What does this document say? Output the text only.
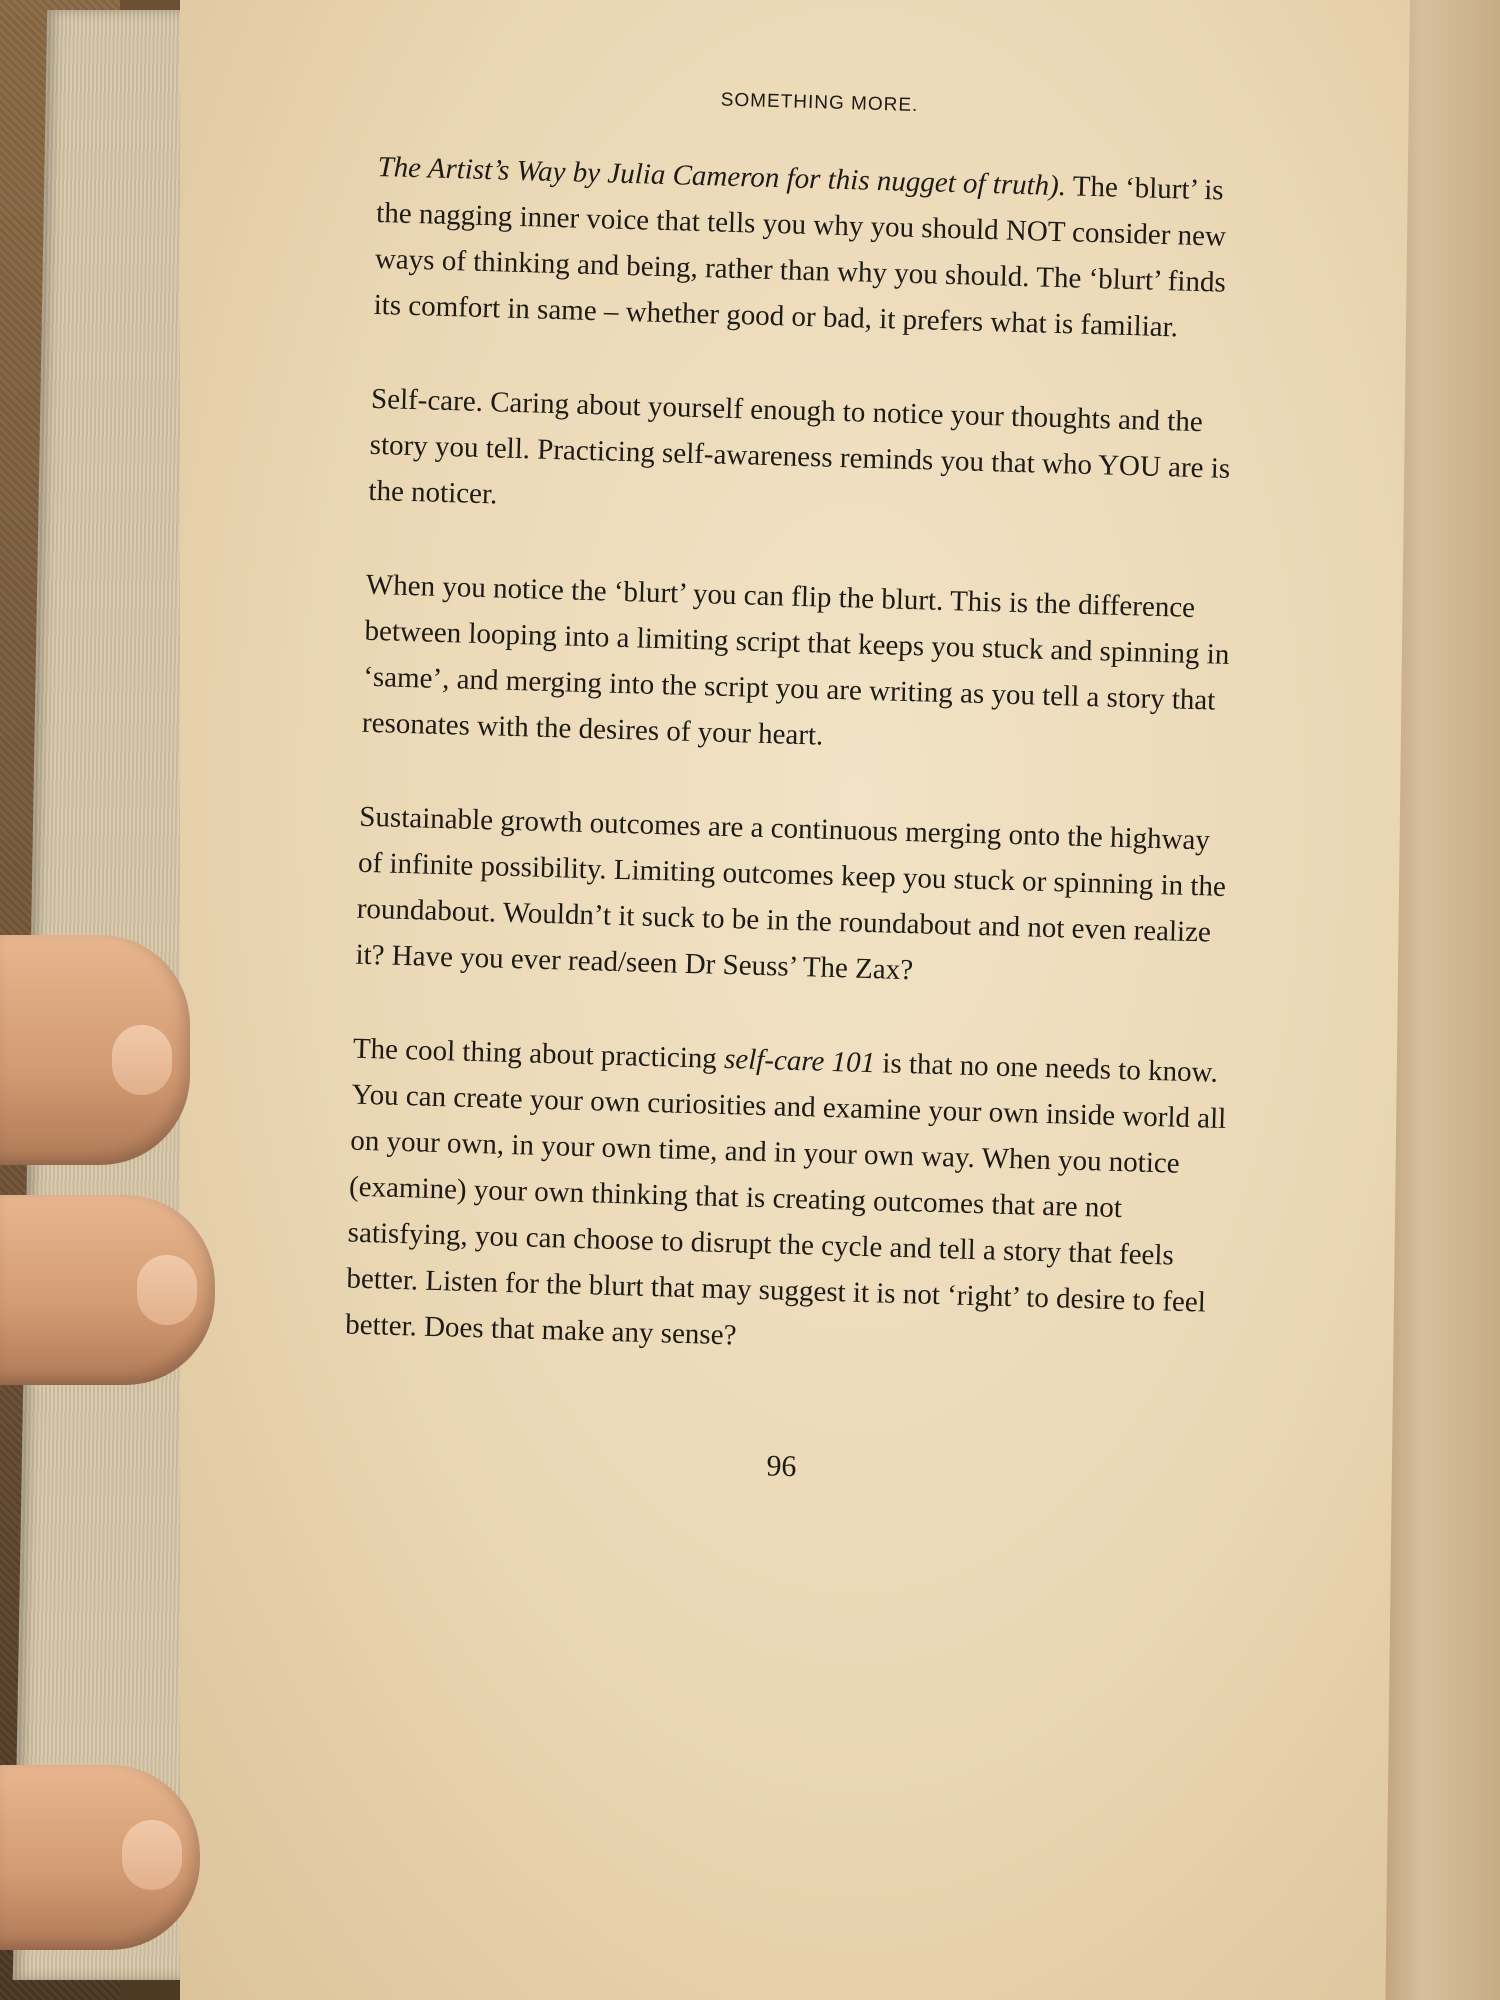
SOMETHING MORE.

The Artist’s Way by Julia Cameron for this nugget of truth). The ‘blurt’ is the nagging inner voice that tells you why you should NOT consider new ways of thinking and being, rather than why you should. The ‘blurt’ finds its comfort in same – whether good or bad, it prefers what is familiar.

Self-care. Caring about yourself enough to notice your thoughts and the story you tell. Practicing self-awareness reminds you that who YOU are is the noticer.

When you notice the ‘blurt’ you can flip the blurt. This is the difference between looping into a limiting script that keeps you stuck and spinning in ‘same’, and merging into the script you are writing as you tell a story that resonates with the desires of your heart.

Sustainable growth outcomes are a continuous merging onto the highway of infinite possibility. Limiting outcomes keep you stuck or spinning in the roundabout. Wouldn’t it suck to be in the roundabout and not even realize it? Have you ever read/seen Dr Seuss’ The Zax?

The cool thing about practicing self-care 101 is that no one needs to know. You can create your own curiosities and examine your own inside world all on your own, in your own time, and in your own way. When you notice (examine) your own thinking that is creating outcomes that are not satisfying, you can choose to disrupt the cycle and tell a story that feels better. Listen for the blurt that may suggest it is not ‘right’ to desire to feel better. Does that make any sense?

96
